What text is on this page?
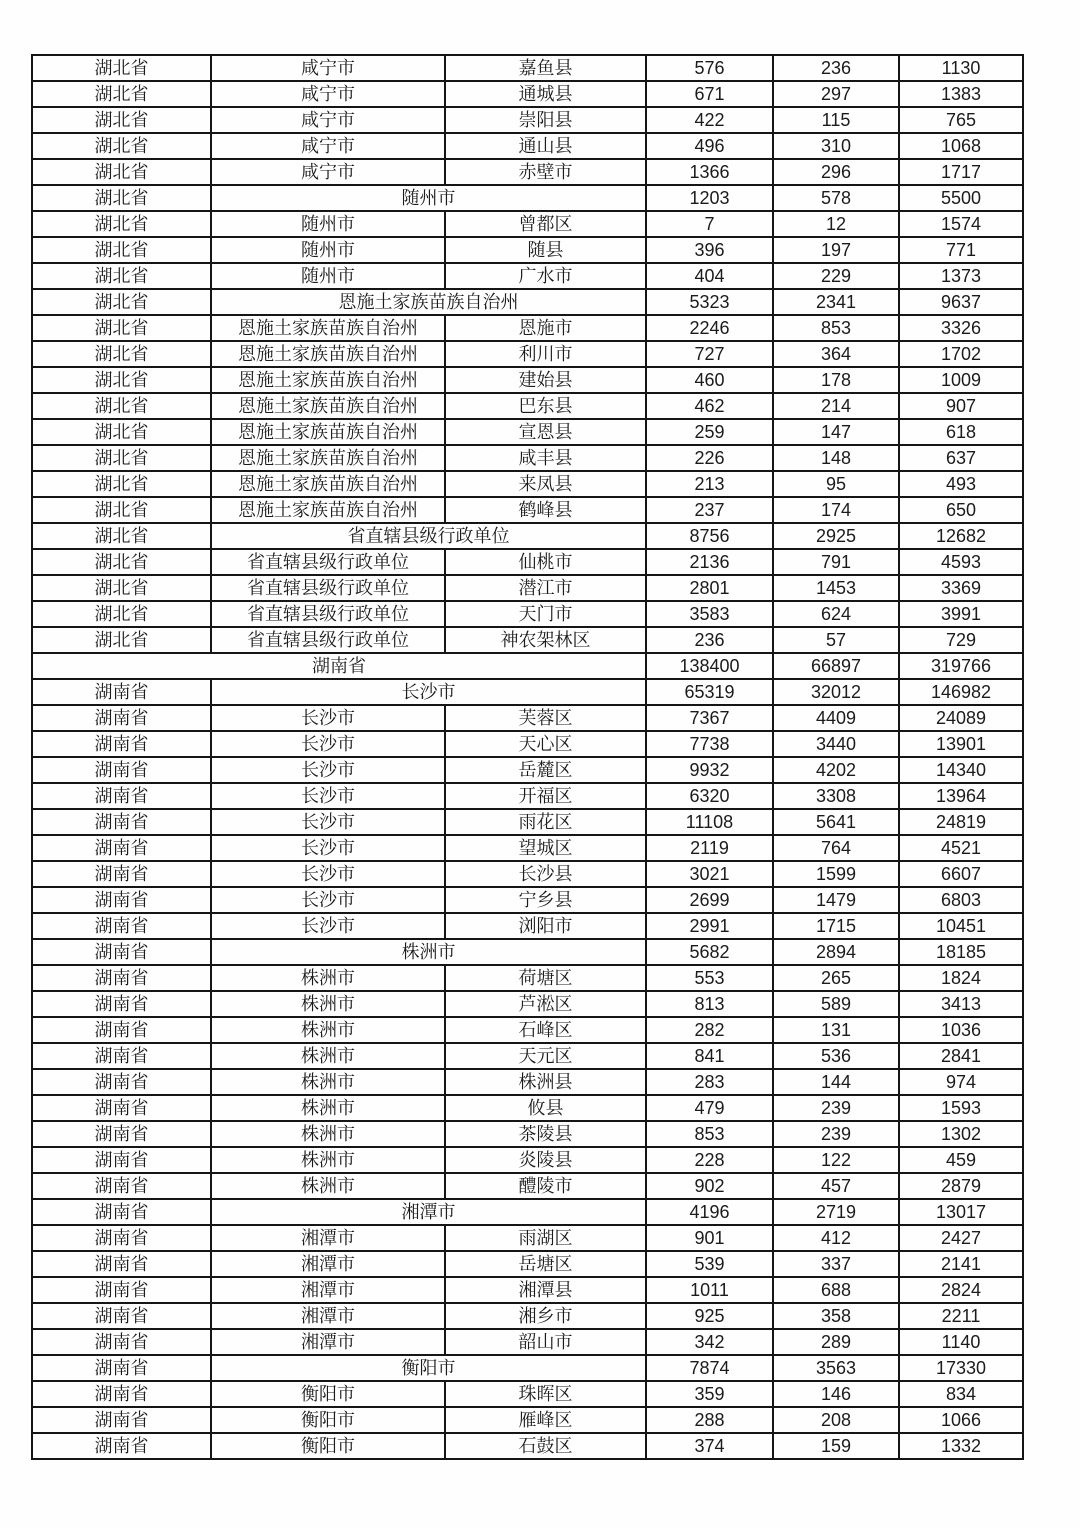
湖北省	咸宁市	嘉鱼县	576	236	1130
湖北省	咸宁市	通城县	671	297	1383
湖北省	咸宁市	崇阳县	422	115	765
湖北省	咸宁市	通山县	496	310	1068
湖北省	咸宁市	赤壁市	1366	296	1717
湖北省	随州市		1203	578	5500
湖北省	随州市	曾都区	7	12	1574
湖北省	随州市	随县	396	197	771
湖北省	随州市	广水市	404	229	1373
湖北省	恩施土家族苗族自治州		5323	2341	9637
湖北省	恩施土家族苗族自治州	恩施市	2246	853	3326
湖北省	恩施土家族苗族自治州	利川市	727	364	1702
湖北省	恩施土家族苗族自治州	建始县	460	178	1009
湖北省	恩施土家族苗族自治州	巴东县	462	214	907
湖北省	恩施土家族苗族自治州	宣恩县	259	147	618
湖北省	恩施土家族苗族自治州	咸丰县	226	148	637
湖北省	恩施土家族苗族自治州	来凤县	213	95	493
湖北省	恩施土家族苗族自治州	鹤峰县	237	174	650
湖北省	省直辖县级行政单位		8756	2925	12682
湖北省	省直辖县级行政单位	仙桃市	2136	791	4593
湖北省	省直辖县级行政单位	潜江市	2801	1453	3369
湖北省	省直辖县级行政单位	天门市	3583	624	3991
湖北省	省直辖县级行政单位	神农架林区	236	57	729
湖南省			138400	66897	319766
湖南省	长沙市		65319	32012	146982
湖南省	长沙市	芙蓉区	7367	4409	24089
湖南省	长沙市	天心区	7738	3440	13901
湖南省	长沙市	岳麓区	9932	4202	14340
湖南省	长沙市	开福区	6320	3308	13964
湖南省	长沙市	雨花区	11108	5641	24819
湖南省	长沙市	望城区	2119	764	4521
湖南省	长沙市	长沙县	3021	1599	6607
湖南省	长沙市	宁乡县	2699	1479	6803
湖南省	长沙市	浏阳市	2991	1715	10451
湖南省	株洲市		5682	2894	18185
湖南省	株洲市	荷塘区	553	265	1824
湖南省	株洲市	芦淞区	813	589	3413
湖南省	株洲市	石峰区	282	131	1036
湖南省	株洲市	天元区	841	536	2841
湖南省	株洲市	株洲县	283	144	974
湖南省	株洲市	攸县	479	239	1593
湖南省	株洲市	茶陵县	853	239	1302
湖南省	株洲市	炎陵县	228	122	459
湖南省	株洲市	醴陵市	902	457	2879
湖南省	湘潭市		4196	2719	13017
湖南省	湘潭市	雨湖区	901	412	2427
湖南省	湘潭市	岳塘区	539	337	2141
湖南省	湘潭市	湘潭县	1011	688	2824
湖南省	湘潭市	湘乡市	925	358	2211
湖南省	湘潭市	韶山市	342	289	1140
湖南省	衡阳市		7874	3563	17330
湖南省	衡阳市	珠晖区	359	146	834
湖南省	衡阳市	雁峰区	288	208	1066
湖南省	衡阳市	石鼓区	374	159	1332
